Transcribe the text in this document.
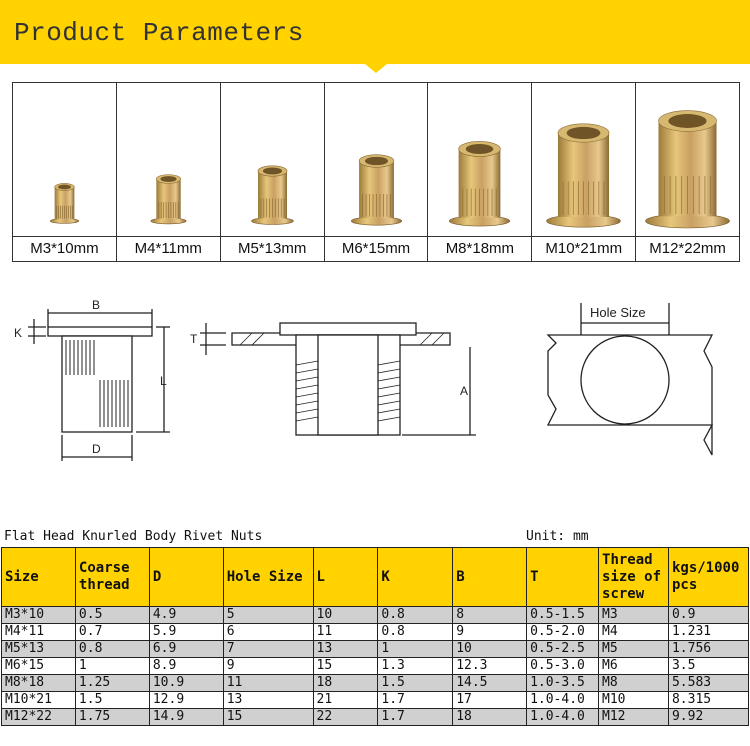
Product Parameters
M3*10mm	M4*11mm	M5*13mm	M6*15mm	M8*18mm	M10*21mm	M12*22mm
B
K
L
D
T
A
Hole Size
Flat Head Knurled Body Rivet Nuts	Unit: mm
Size	Coarse thread	D	Hole Size	L	K	B	T	Thread size of screw	kgs/1000 pcs
M3*10	0.5	4.9	5	10	0.8	8	0.5-1.5	M3	0.9
M4*11	0.7	5.9	6	11	0.8	9	0.5-2.0	M4	1.231
M5*13	0.8	6.9	7	13	1	10	0.5-2.5	M5	1.756
M6*15	1	8.9	9	15	1.3	12.3	0.5-3.0	M6	3.5
M8*18	1.25	10.9	11	18	1.5	14.5	1.0-3.5	M8	5.583
M10*21	1.5	12.9	13	21	1.7	17	1.0-4.0	M10	8.315
M12*22	1.75	14.9	15	22	1.7	18	1.0-4.0	M12	9.92
